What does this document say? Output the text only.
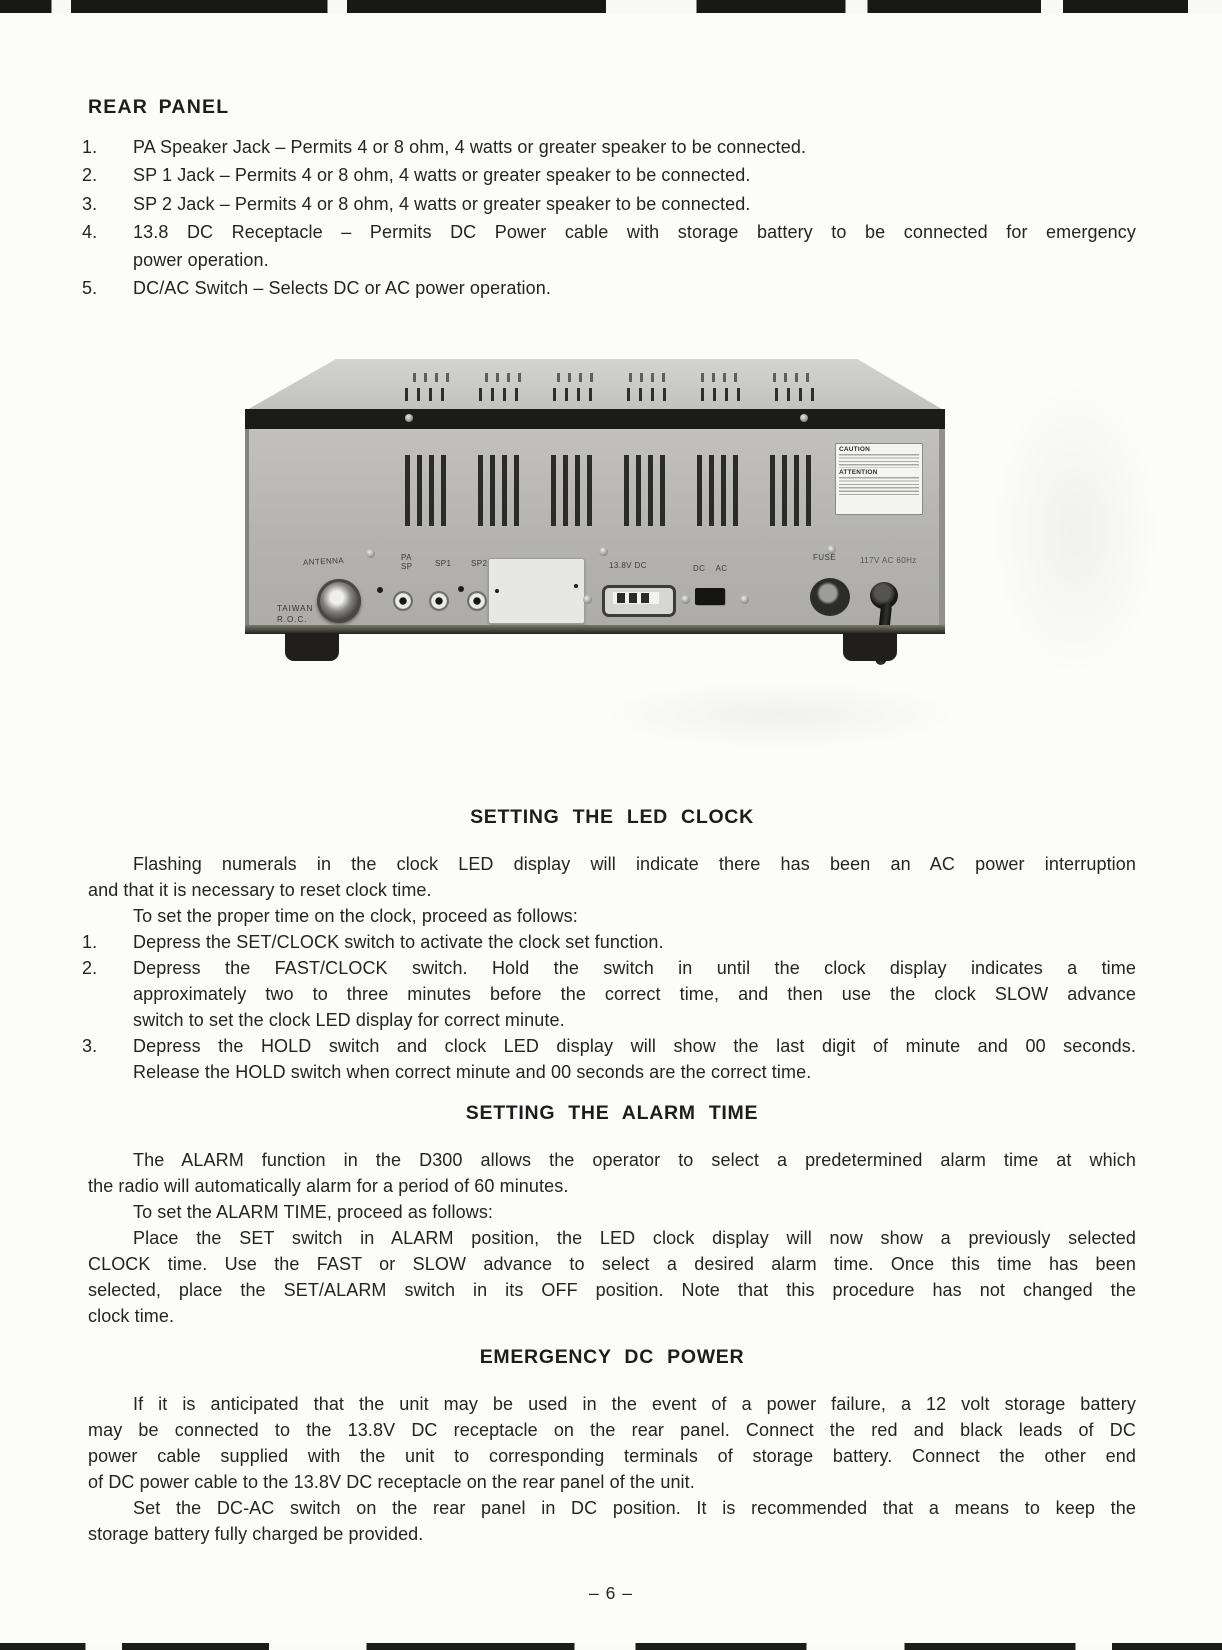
REAR PANEL
1. PA Speaker Jack – Permits 4 or 8 ohm, 4 watts or greater speaker to be connected.
2. SP 1 Jack – Permits 4 or 8 ohm, 4 watts or greater speaker to be connected.
3. SP 2 Jack – Permits 4 or 8 ohm, 4 watts or greater speaker to be connected.
4. 13.8 DC Receptacle – Permits DC Power cable with storage battery to be connected for emergency
power operation.
5. DC/AC Switch – Selects DC or AC power operation.
CAUTION
ATTENTION
ANTENNA
TAIWAN
R.O.C.
PA
SP	SP1 SP2	13.8V DC	DC AC
FUSE	117V AC 60Hz
SETTING THE LED CLOCK
Flashing numerals in the clock LED display will indicate there has been an AC power interruption
and that it is necessary to reset clock time.
To set the proper time on the clock, proceed as follows:
1. Depress the SET/CLOCK switch to activate the clock set function.
2. Depress the FAST/CLOCK switch. Hold the switch in until the clock display indicates a time
approximately two to three minutes before the correct time, and then use the clock SLOW advance
switch to set the clock LED display for correct minute.
3. Depress the HOLD switch and clock LED display will show the last digit of minute and 00 seconds.
Release the HOLD switch when correct minute and 00 seconds are the correct time.
SETTING THE ALARM TIME
The ALARM function in the D300 allows the operator to select a predetermined alarm time at which
the radio will automatically alarm for a period of 60 minutes.
To set the ALARM TIME, proceed as follows:
Place the SET switch in ALARM position, the LED clock display will now show a previously selected
CLOCK time. Use the FAST or SLOW advance to select a desired alarm time. Once this time has been
selected, place the SET/ALARM switch in its OFF position. Note that this procedure has not changed the
clock time.
EMERGENCY DC POWER
If it is anticipated that the unit may be used in the event of a power failure, a 12 volt storage battery
may be connected to the 13.8V DC receptacle on the rear panel. Connect the red and black leads of DC
power cable supplied with the unit to corresponding terminals of storage battery. Connect the other end
of DC power cable to the 13.8V DC receptacle on the rear panel of the unit.
Set the DC-AC switch on the rear panel in DC position. It is recommended that a means to keep the
storage battery fully charged be provided.
– 6 –
